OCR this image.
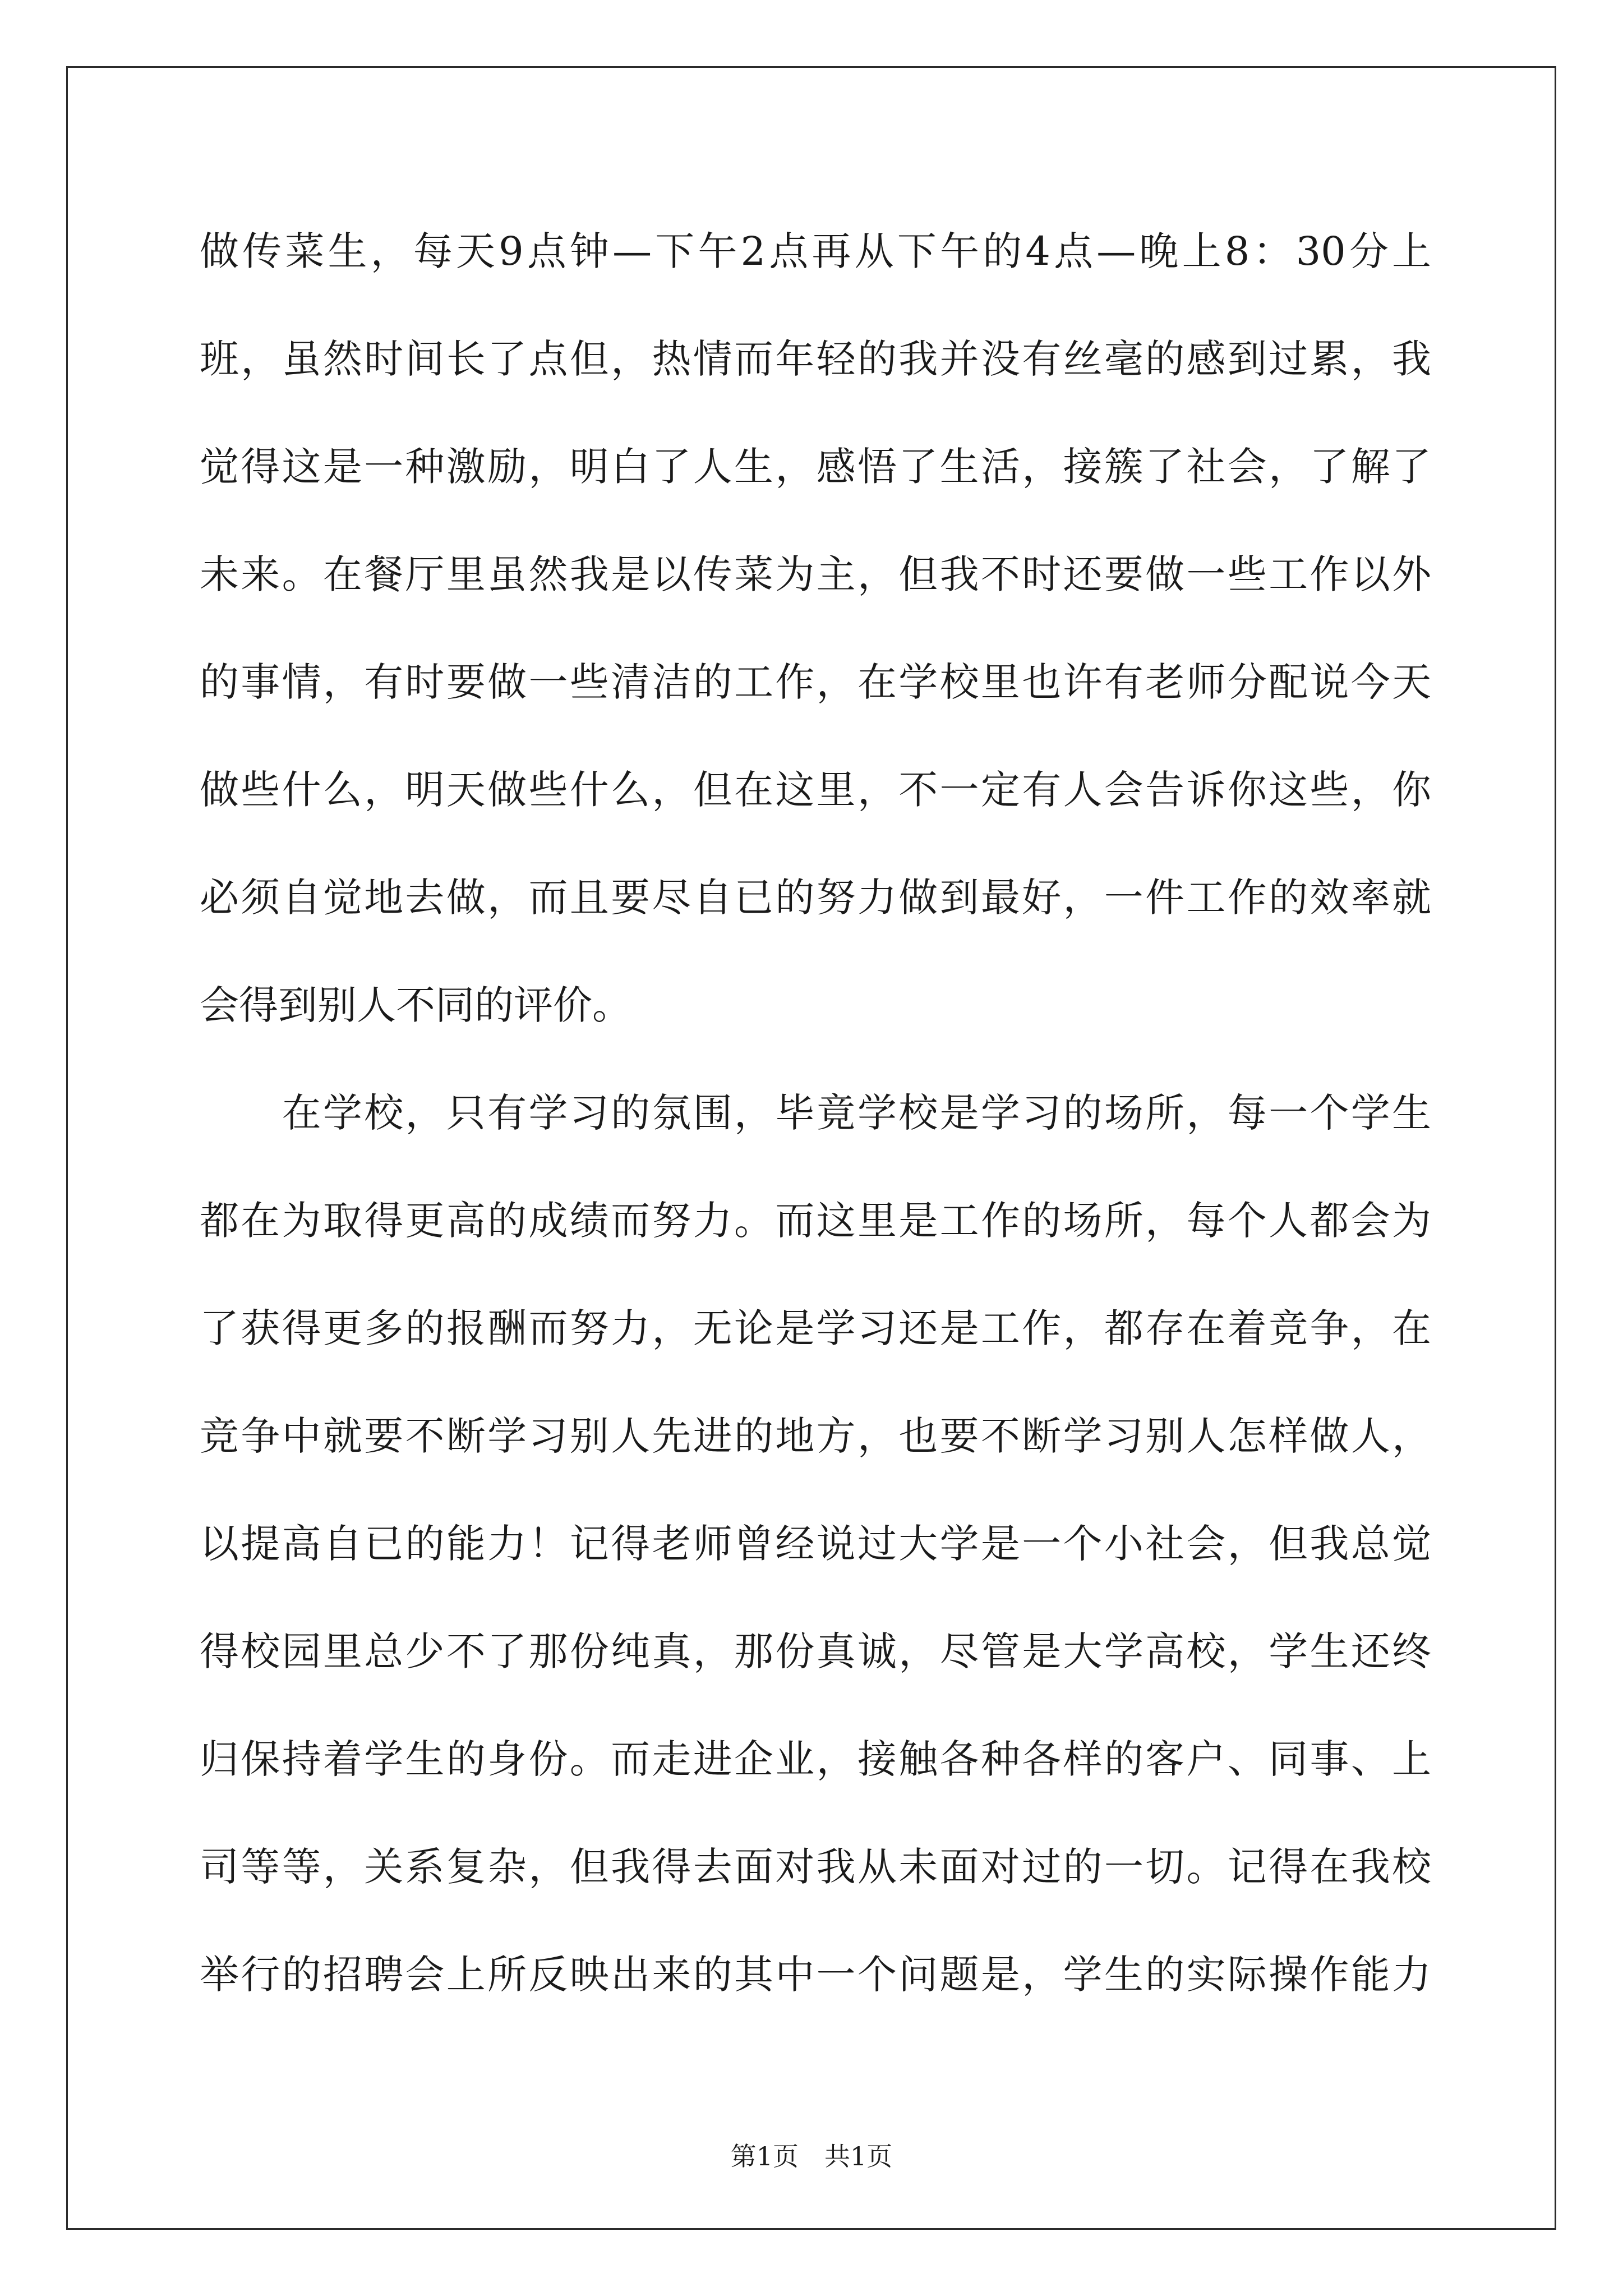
做传菜生，每天9点钟—下午2点再从下午的4点—晚上8：30分上
班，虽然时间长了点但，热情而年轻的我并没有丝毫的感到过累，我
觉得这是一种激励，明白了人生，感悟了生活，接簇了社会，了解了
未来。在餐厅里虽然我是以传菜为主，但我不时还要做一些工作以外
的事情，有时要做一些清洁的工作，在学校里也许有老师分配说今天
做些什么，明天做些什么，但在这里，不一定有人会告诉你这些，你
必须自觉地去做，而且要尽自已的努力做到最好，一件工作的效率就
会得到别人不同的评价。
　　在学校，只有学习的氛围，毕竟学校是学习的场所，每一个学生
都在为取得更高的成绩而努力。而这里是工作的场所，每个人都会为
了获得更多的报酬而努力，无论是学习还是工作，都存在着竞争，在
竞争中就要不断学习别人先进的地方，也要不断学习别人怎样做人，
以提高自已的能力！记得老师曾经说过大学是一个小社会，但我总觉
得校园里总少不了那份纯真，那份真诚，尽管是大学高校，学生还终
归保持着学生的身份。而走进企业，接触各种各样的客户、同事、上
司等等，关系复杂，但我得去面对我从未面对过的一切。记得在我校
举行的招聘会上所反映出来的其中一个问题是，学生的实际操作能力
第1页　共1页
